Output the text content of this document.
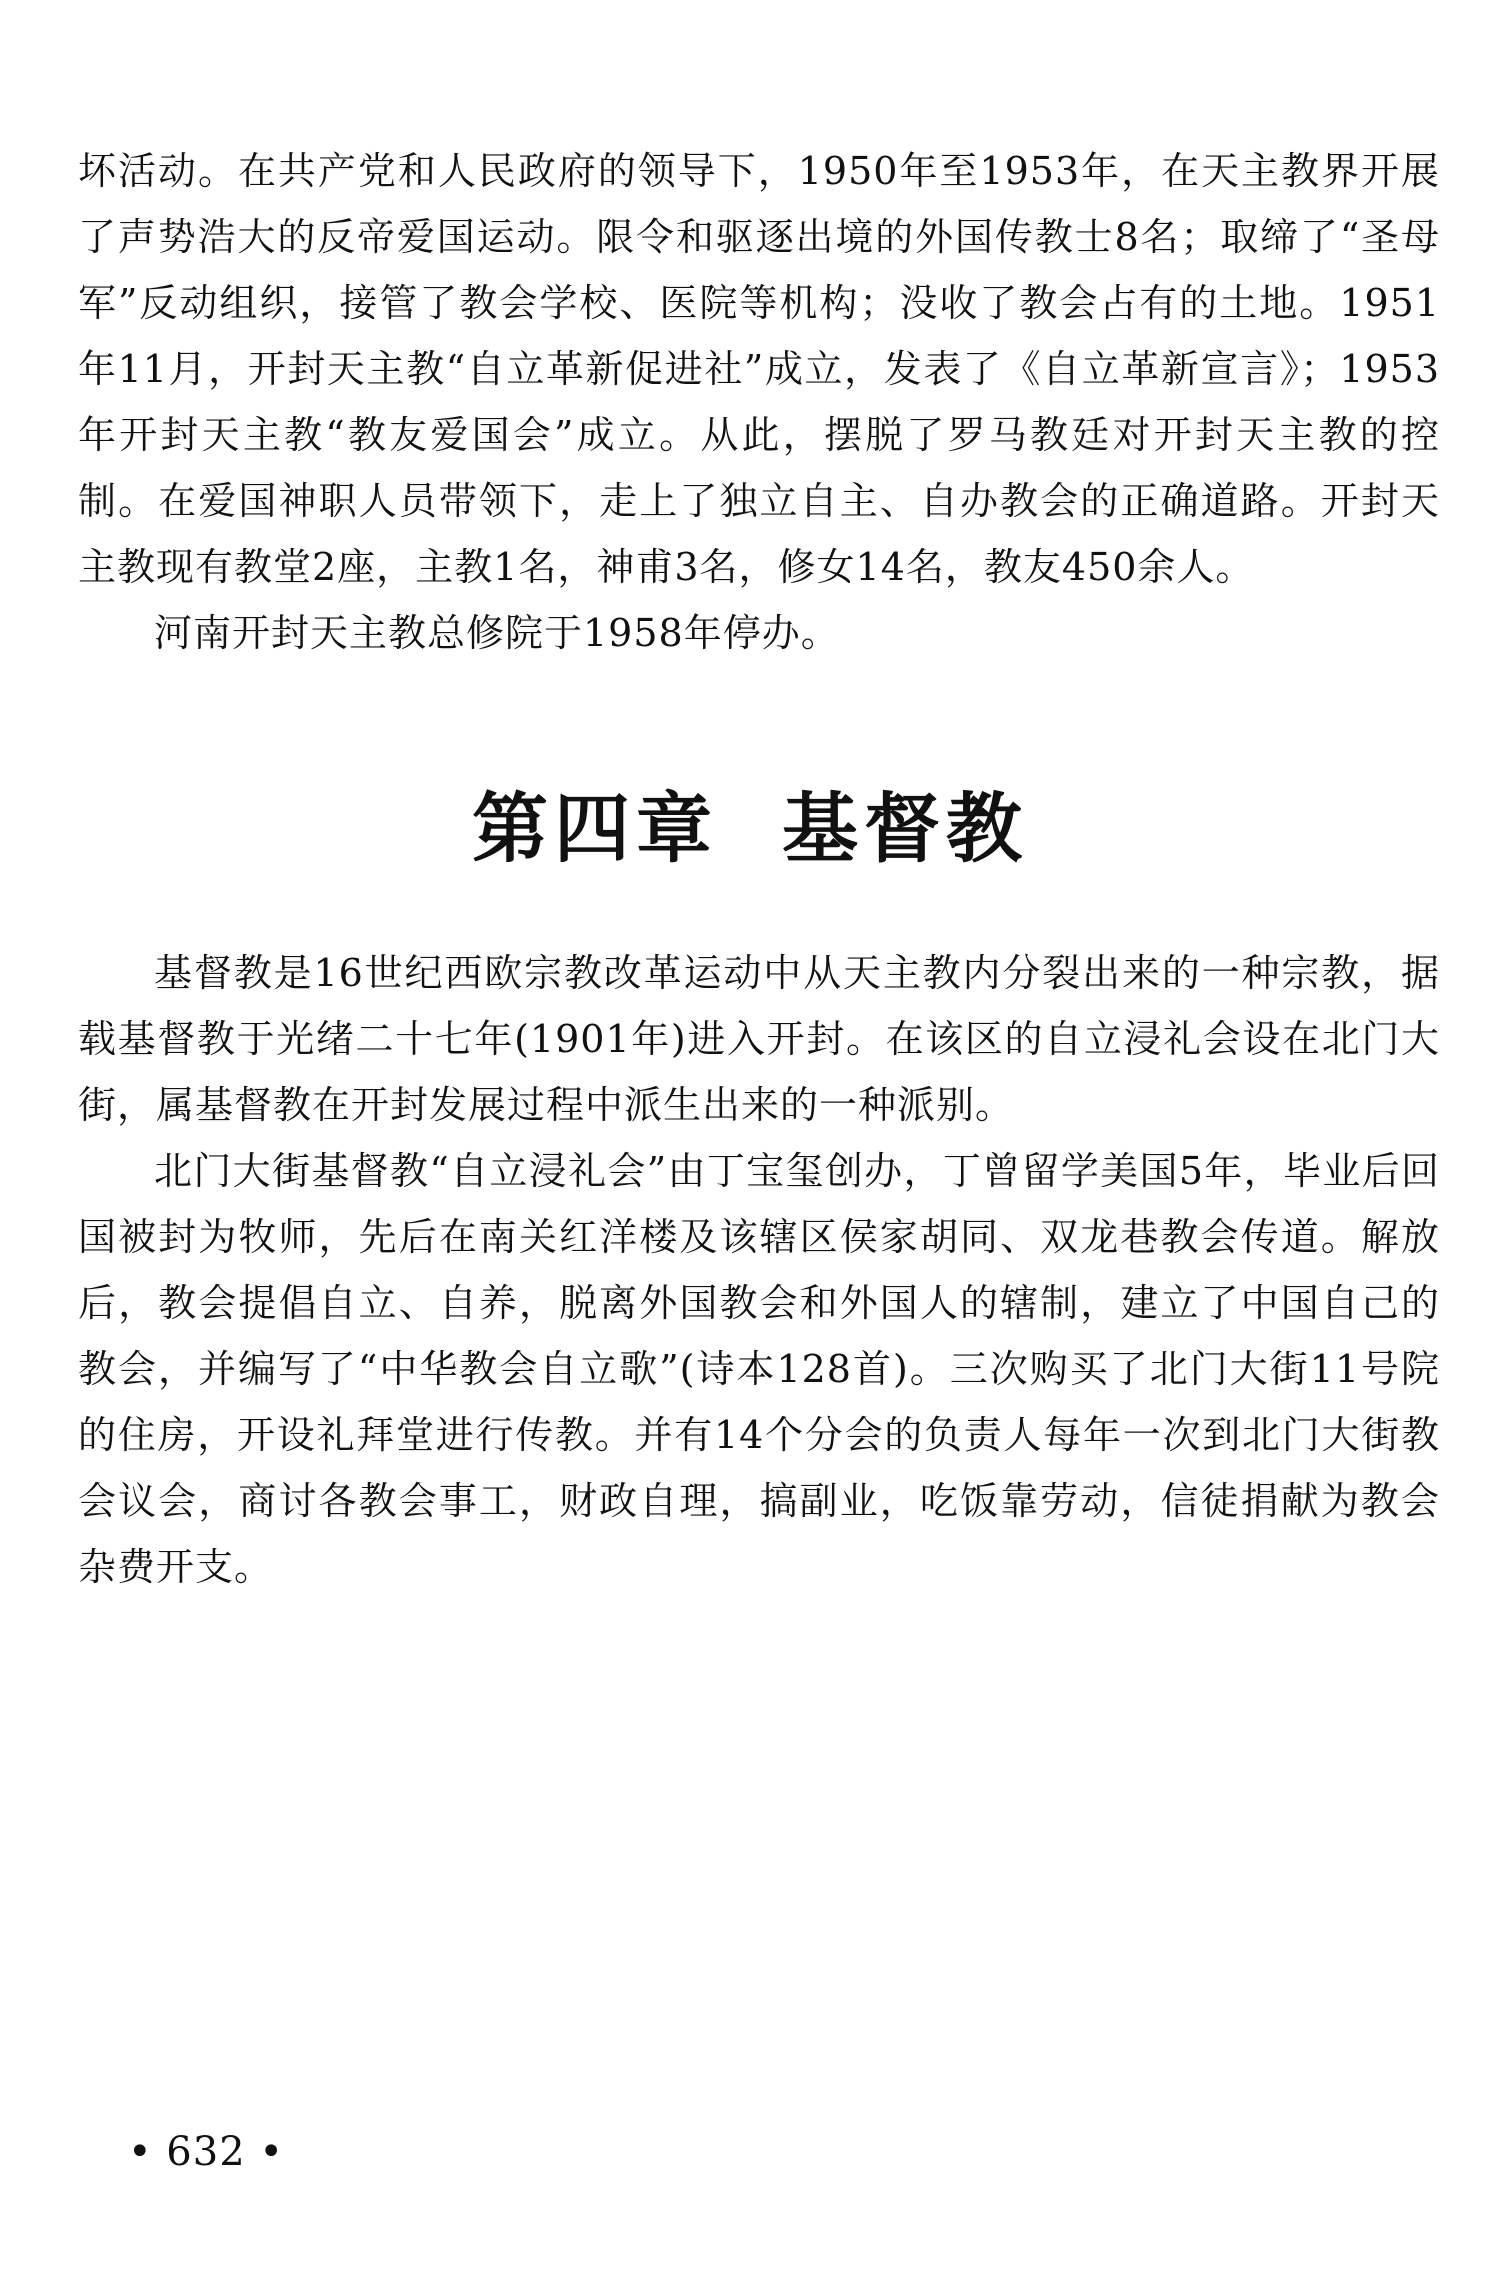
坏活动。在共产党和人民政府的领导下，1950年至1953年，在天主教界开展了声势浩大的反帝爱国运动。限令和驱逐出境的外国传教士8名；取缔了“圣母军”反动组织，接管了教会学校、医院等机构；没收了教会占有的土地。1951年11月，开封天主教“自立革新促进社”成立，发表了《自立革新宣言》；1953年开封天主教“教友爱国会”成立。从此，摆脱了罗马教廷对开封天主教的控制。在爱国神职人员带领下，走上了独立自主、自办教会的正确道路。开封天主教现有教堂2座，主教1名，神甫3名，修女14名，教友450余人。

河南开封天主教总修院于1958年停办。

第四章 基督教

基督教是16世纪西欧宗教改革运动中从天主教内分裂出来的一种宗教，据载基督教于光绪二十七年(1901年)进入开封。在该区的自立浸礼会设在北门大街，属基督教在开封发展过程中派生出来的一种派别。

北门大街基督教“自立浸礼会”由丁宝玺创办，丁曾留学美国5年，毕业后回国被封为牧师，先后在南关红洋楼及该辖区侯家胡同、双龙巷教会传道。解放后，教会提倡自立、自养，脱离外国教会和外国人的辖制，建立了中国自己的教会，并编写了“中华教会自立歌”(诗本128首)。三次购买了北门大街11号院的住房，开设礼拜堂进行传教。并有14个分会的负责人每年一次到北门大街教会议会，商讨各教会事工，财政自理，搞副业，吃饭靠劳动，信徒捐献为教会杂费开支。

• 632 •
